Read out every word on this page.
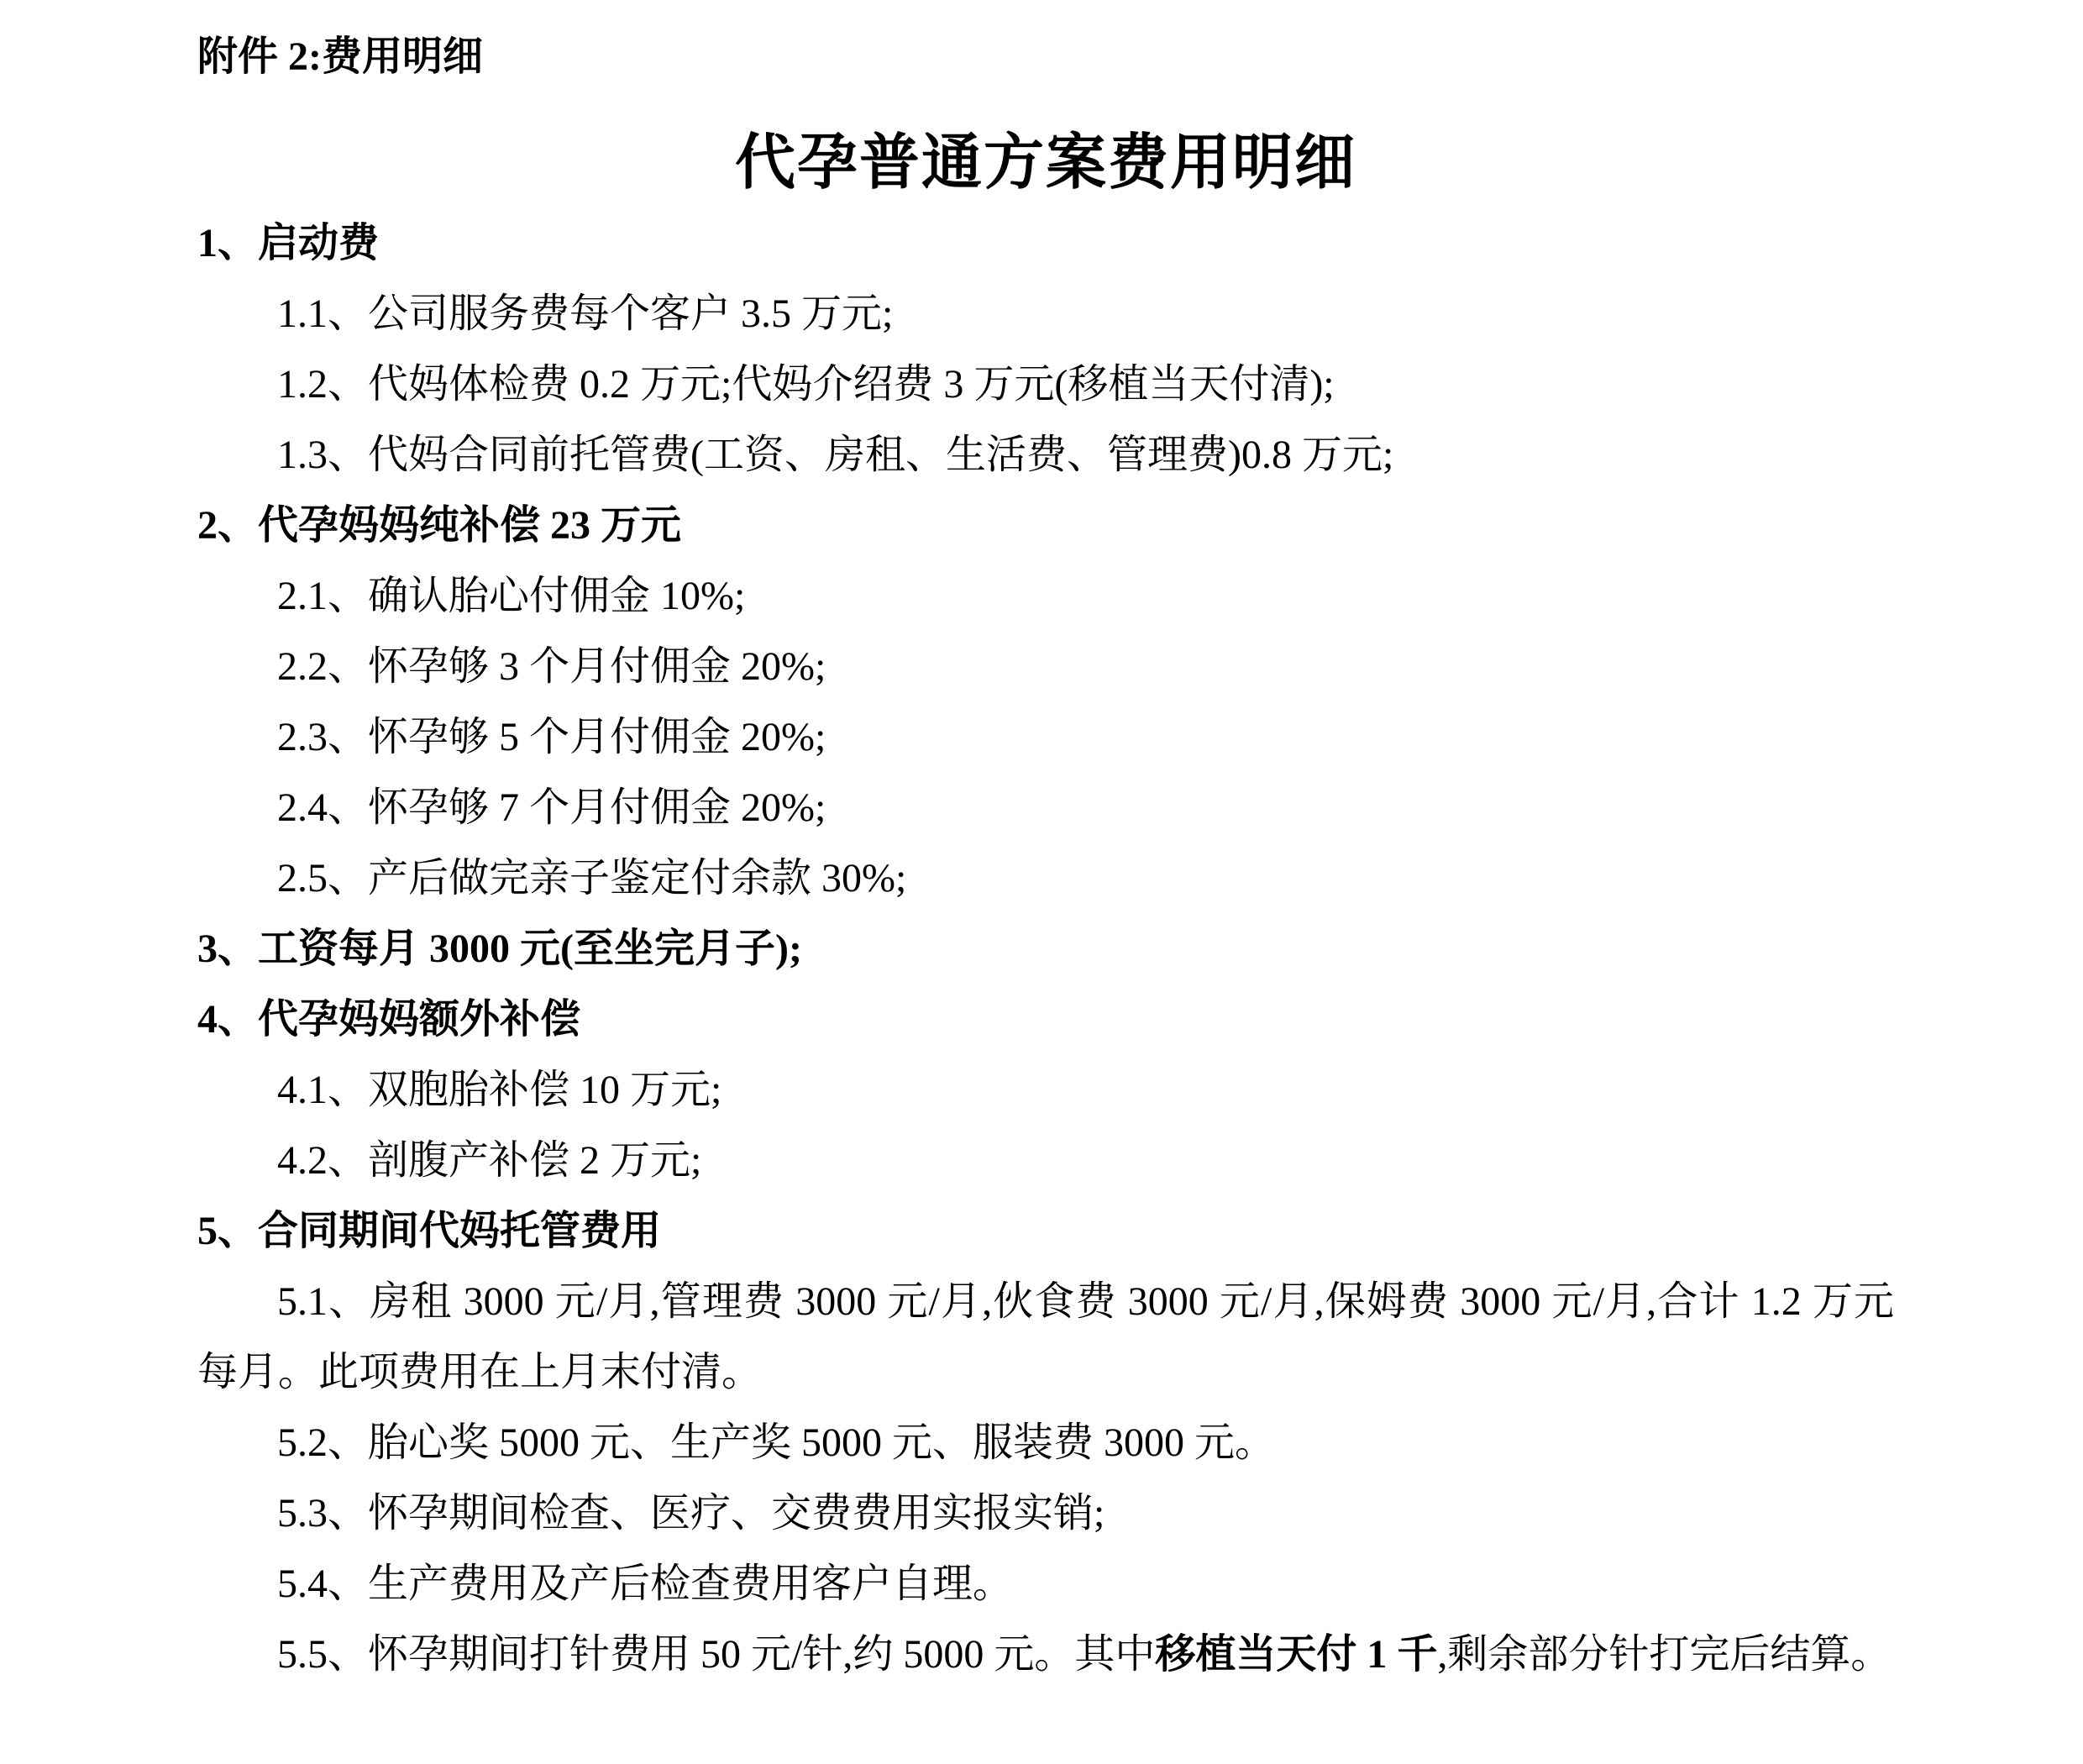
附件 2:费用明细

代孕普通方案费用明细

1、启动费

1.1、公司服务费每个客户 3.5 万元;

1.2、代妈体检费 0.2 万元;代妈介绍费 3 万元(移植当天付清);

1.3、代妈合同前托管费(工资、房租、生活费、管理费)0.8 万元;

2、代孕妈妈纯补偿 23 万元

2.1、确认胎心付佣金 10%;

2.2、怀孕够 3 个月付佣金 20%;

2.3、怀孕够 5 个月付佣金 20%;

2.4、怀孕够 7 个月付佣金 20%;

2.5、产后做完亲子鉴定付余款 30%;

3、工资每月 3000 元(至坐完月子);

4、代孕妈妈额外补偿

4.1、双胞胎补偿 10 万元;

4.2、剖腹产补偿 2 万元;

5、合同期间代妈托管费用

5.1、房租 3000 元/月,管理费 3000 元/月,伙食费 3000 元/月,保姆费 3000 元/月,合计 1.2 万元每月。此项费用在上月末付清。

5.2、胎心奖 5000 元、生产奖 5000 元、服装费 3000 元。

5.3、怀孕期间检查、医疗、交费费用实报实销;

5.4、生产费用及产后检查费用客户自理。

5.5、怀孕期间打针费用 50 元/针,约 5000 元。其中移植当天付 1 千,剩余部分针打完后结算。
